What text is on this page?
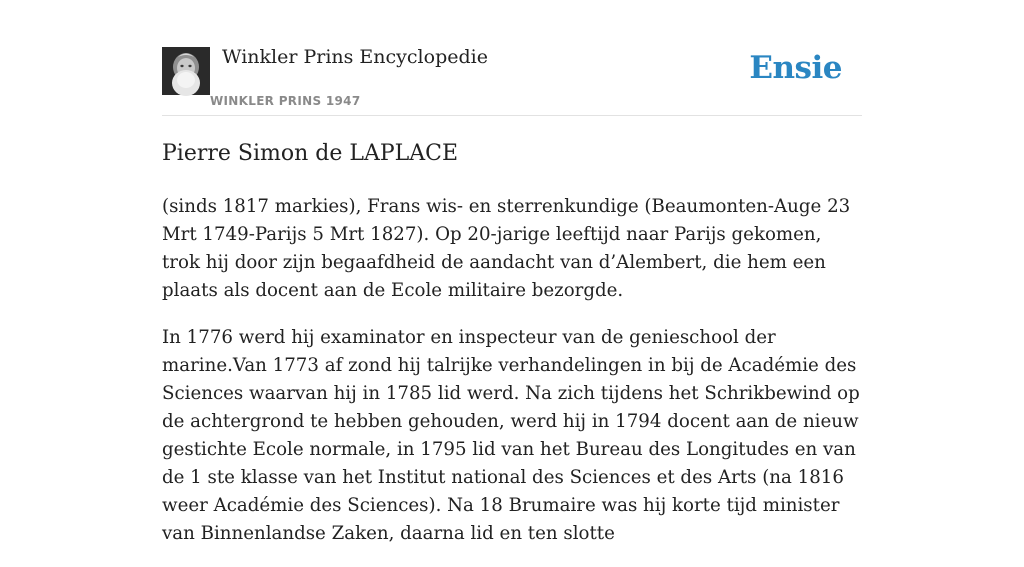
Winkler Prins Encyclopedie
WINKLER PRINS 1947
Ensie
Pierre Simon de LAPLACE

(sinds 1817 markies), Frans wis- en sterrenkundige (Beaumonten-Auge 23 Mrt 1749-Parijs 5 Mrt 1827). Op 20-jarige leeftijd naar Parijs gekomen, trok hij door zijn begaafdheid de aandacht van d’Alembert, die hem een plaats als docent aan de Ecole militaire bezorgde.

In 1776 werd hij examinator en inspecteur van de genieschool der marine.Van 1773 af zond hij talrijke verhandelingen in bij de Académie des Sciences waarvan hij in 1785 lid werd. Na zich tijdens het Schrikbewind op de achtergrond te hebben gehouden, werd hij in 1794 docent aan de nieuw gestichte Ecole normale, in 1795 lid van het Bureau des Longitudes en van de 1 ste klasse van het Institut national des Sciences et des Arts (na 1816 weer Académie des Sciences). Na 18 Brumaire was hij korte tijd minister van Binnenlandse Zaken, daarna lid en ten slotte
